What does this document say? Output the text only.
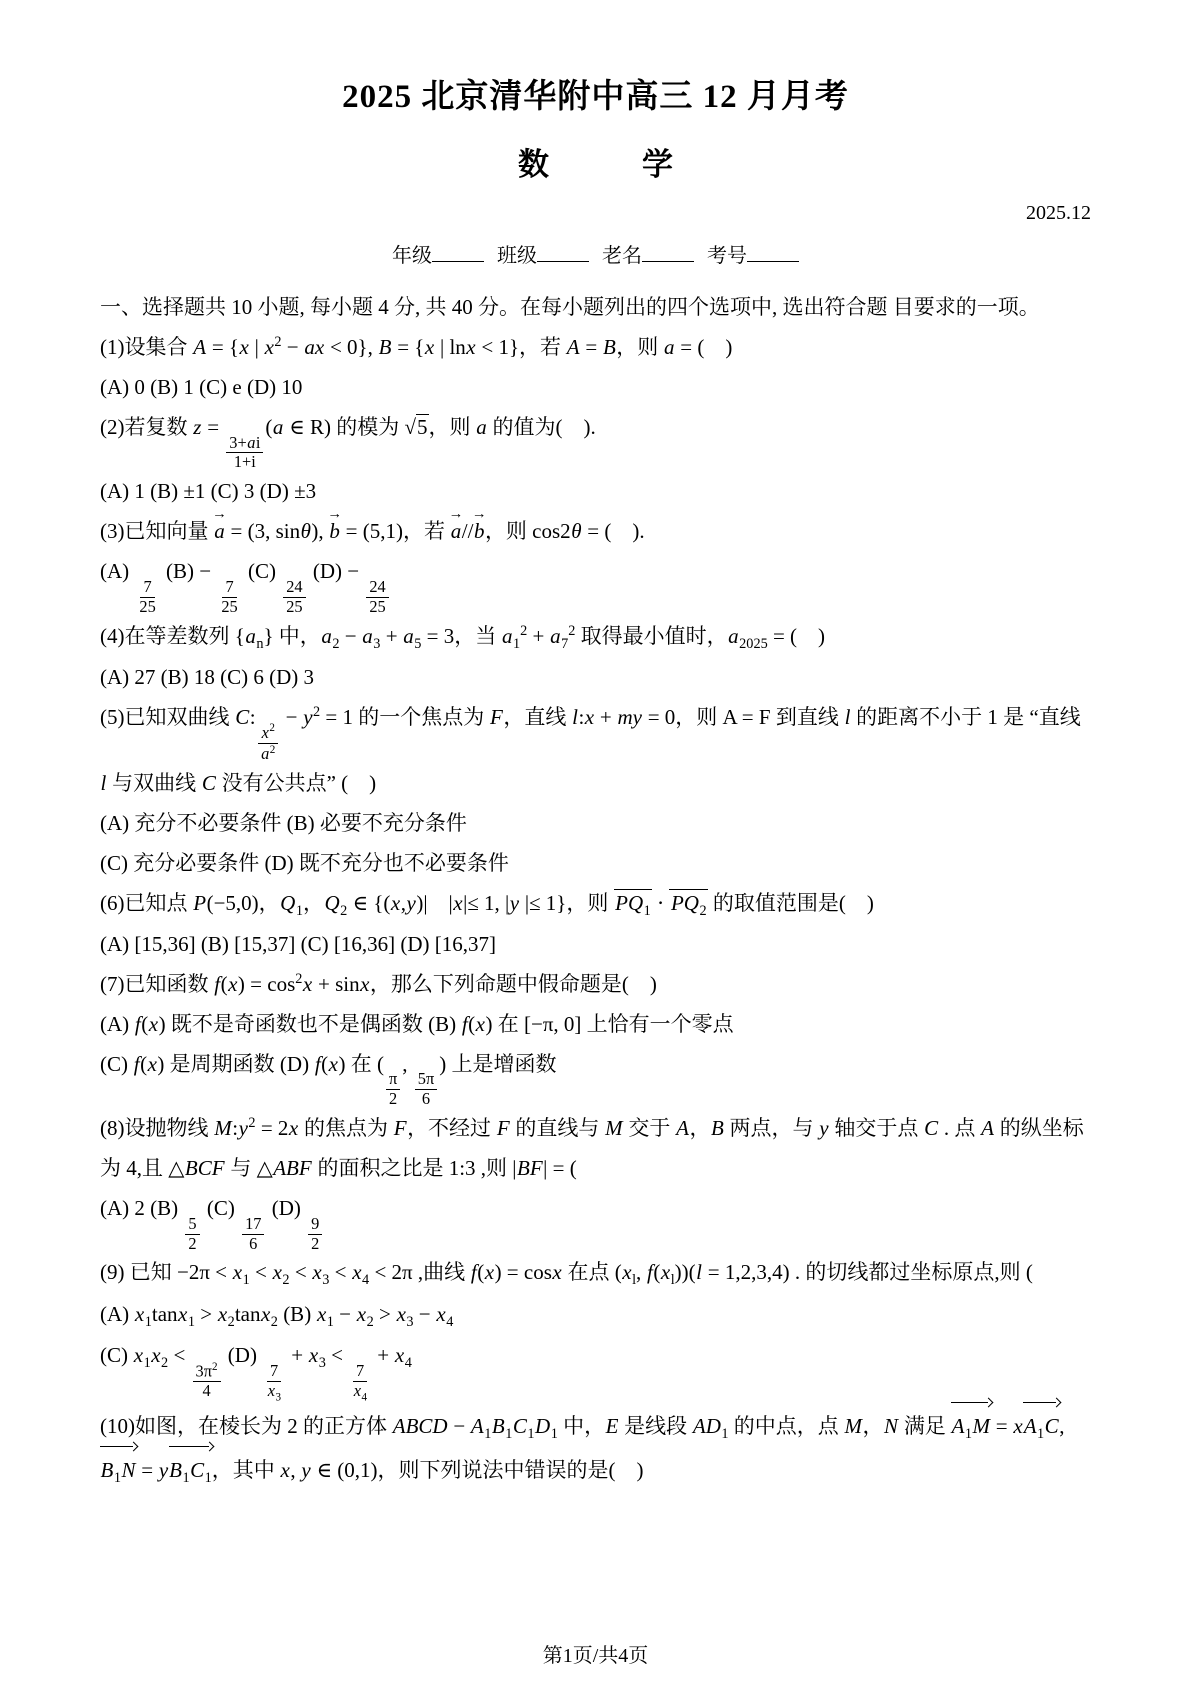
2025 北京清华附中高三 12 月月考
数　　　学
2025.12
年级	班级	老名	考号
一、选择题共 10 小题, 每小题 4 分, 共 40 分。在每小题列出的四个选项中, 选出符合题 目要求的一项。
(1)设集合 A = {x | $x^2$ − ax < 0}, B = {x | lnx < 1}，若 A = B，则 a = (　)
(A) 0 (B) 1 (C) e (D) 10
(2)若复数 z =
$\frac{3+ai}{1+i}$
(a ∈ R) 的模为 √5，则 a 的值为(　).
(A) 1 (B) ±1 (C) 3 (D) ±3
(3)已知向量 → a = (3, sinθ), → b = (5,1)，若 → a//→ b，则 cos2θ = (　).
(A)
$\frac{7}{25}$
(B) −
$\frac{7}{25}$
(C)
$\frac{24}{25}$
(D) −
$\frac{24}{25}$
(4)在等差数列 $\{a_n\}$ 中，$a_2 - a_3 + a_5 = 3$，当 $a_1^2 + a_7^2$ 取得最小值时，$a_{2025}$ = (　)
(A) 27 (B) 18 (C) 6 (D) 3
(5)已知双曲线 C:
$\frac{x^2}{a^2}$
− $y^2 = 1$ 的一个焦点为 F，直线 l:x + my = 0，则 A = F 到直线 l 的距离不小于 1 是 “直线 l 与双曲线 C 没有公共点” (　)
(A) 充分不必要条件 (B) 必要不充分条件
(C) 充分必要条件 (D) 既不充分也不必要条件
(6)已知点 P(−5,0)，$Q_1$，$Q_2$ ∈ {(x,y)|　|x|≤ 1, |y |≤ 1}，则 $PQ_1 \cdot PQ_2$ 的取值范围是(　)
(A) [15,36] (B) [15,37] (C) [16,36] (D) [16,37]
(7)已知函数 $f(x) = \cos^2x + \sin x$，那么下列命题中假命题是(　)
(A) f(x) 既不是奇函数也不是偶函数 (B) f(x) 在 [−π, 0] 上恰有一个零点
(C) f(x) 是周期函数 (D) f(x) 在 (
$\frac{\pi}{2}$
,
$\frac{5\pi}{6}$
) 上是增函数
(8)设抛物线 $M:y^2 = 2x$ 的焦点为 F，不经过 F 的直线与 M 交于 A，B 两点，与 y 轴交于点 C . 点 A 的纵坐标为 4,且 △BCF 与 △ABF 的面积之比是 1:3 ,则 |BF| = (
(A) 2 (B)
$\frac{5}{2}$
(C)
$\frac{17}{6}$
(D)
$\frac{9}{2}$
(9) 已知 $-2\pi < x_1 < x_2 < x_3 < x_4 < 2\pi$ ,曲线 f(x) = cosx 在点 ($x_l$, $f(x_l))(l = 1,2,3,4)$ . 的切线都过坐标原点,则 (
(A) $x_1\tan x_1 > x_2\tan x_2$ (B) $x_1 - x_2 > x_3 - x_4$
(C) $x_1x_2$ <
$\frac{3\pi^2}{4}$
(D)
$\frac{7}{x_3}$
+ $x_3$ <
$\frac{7}{x_4}$
+ $x_4$
(10)如图，在棱长为 2 的正方体 ABCD − $A_1B_1C_1D_1$ 中，E 是线段 $AD_1$ 的中点，点 M，N 满足 $A_1M = xA_1C$, $B_1N = yB_1C_1$，其中 x, y ∈ (0,1)，则下列说法中错误的是(　)
第1页/共4页
